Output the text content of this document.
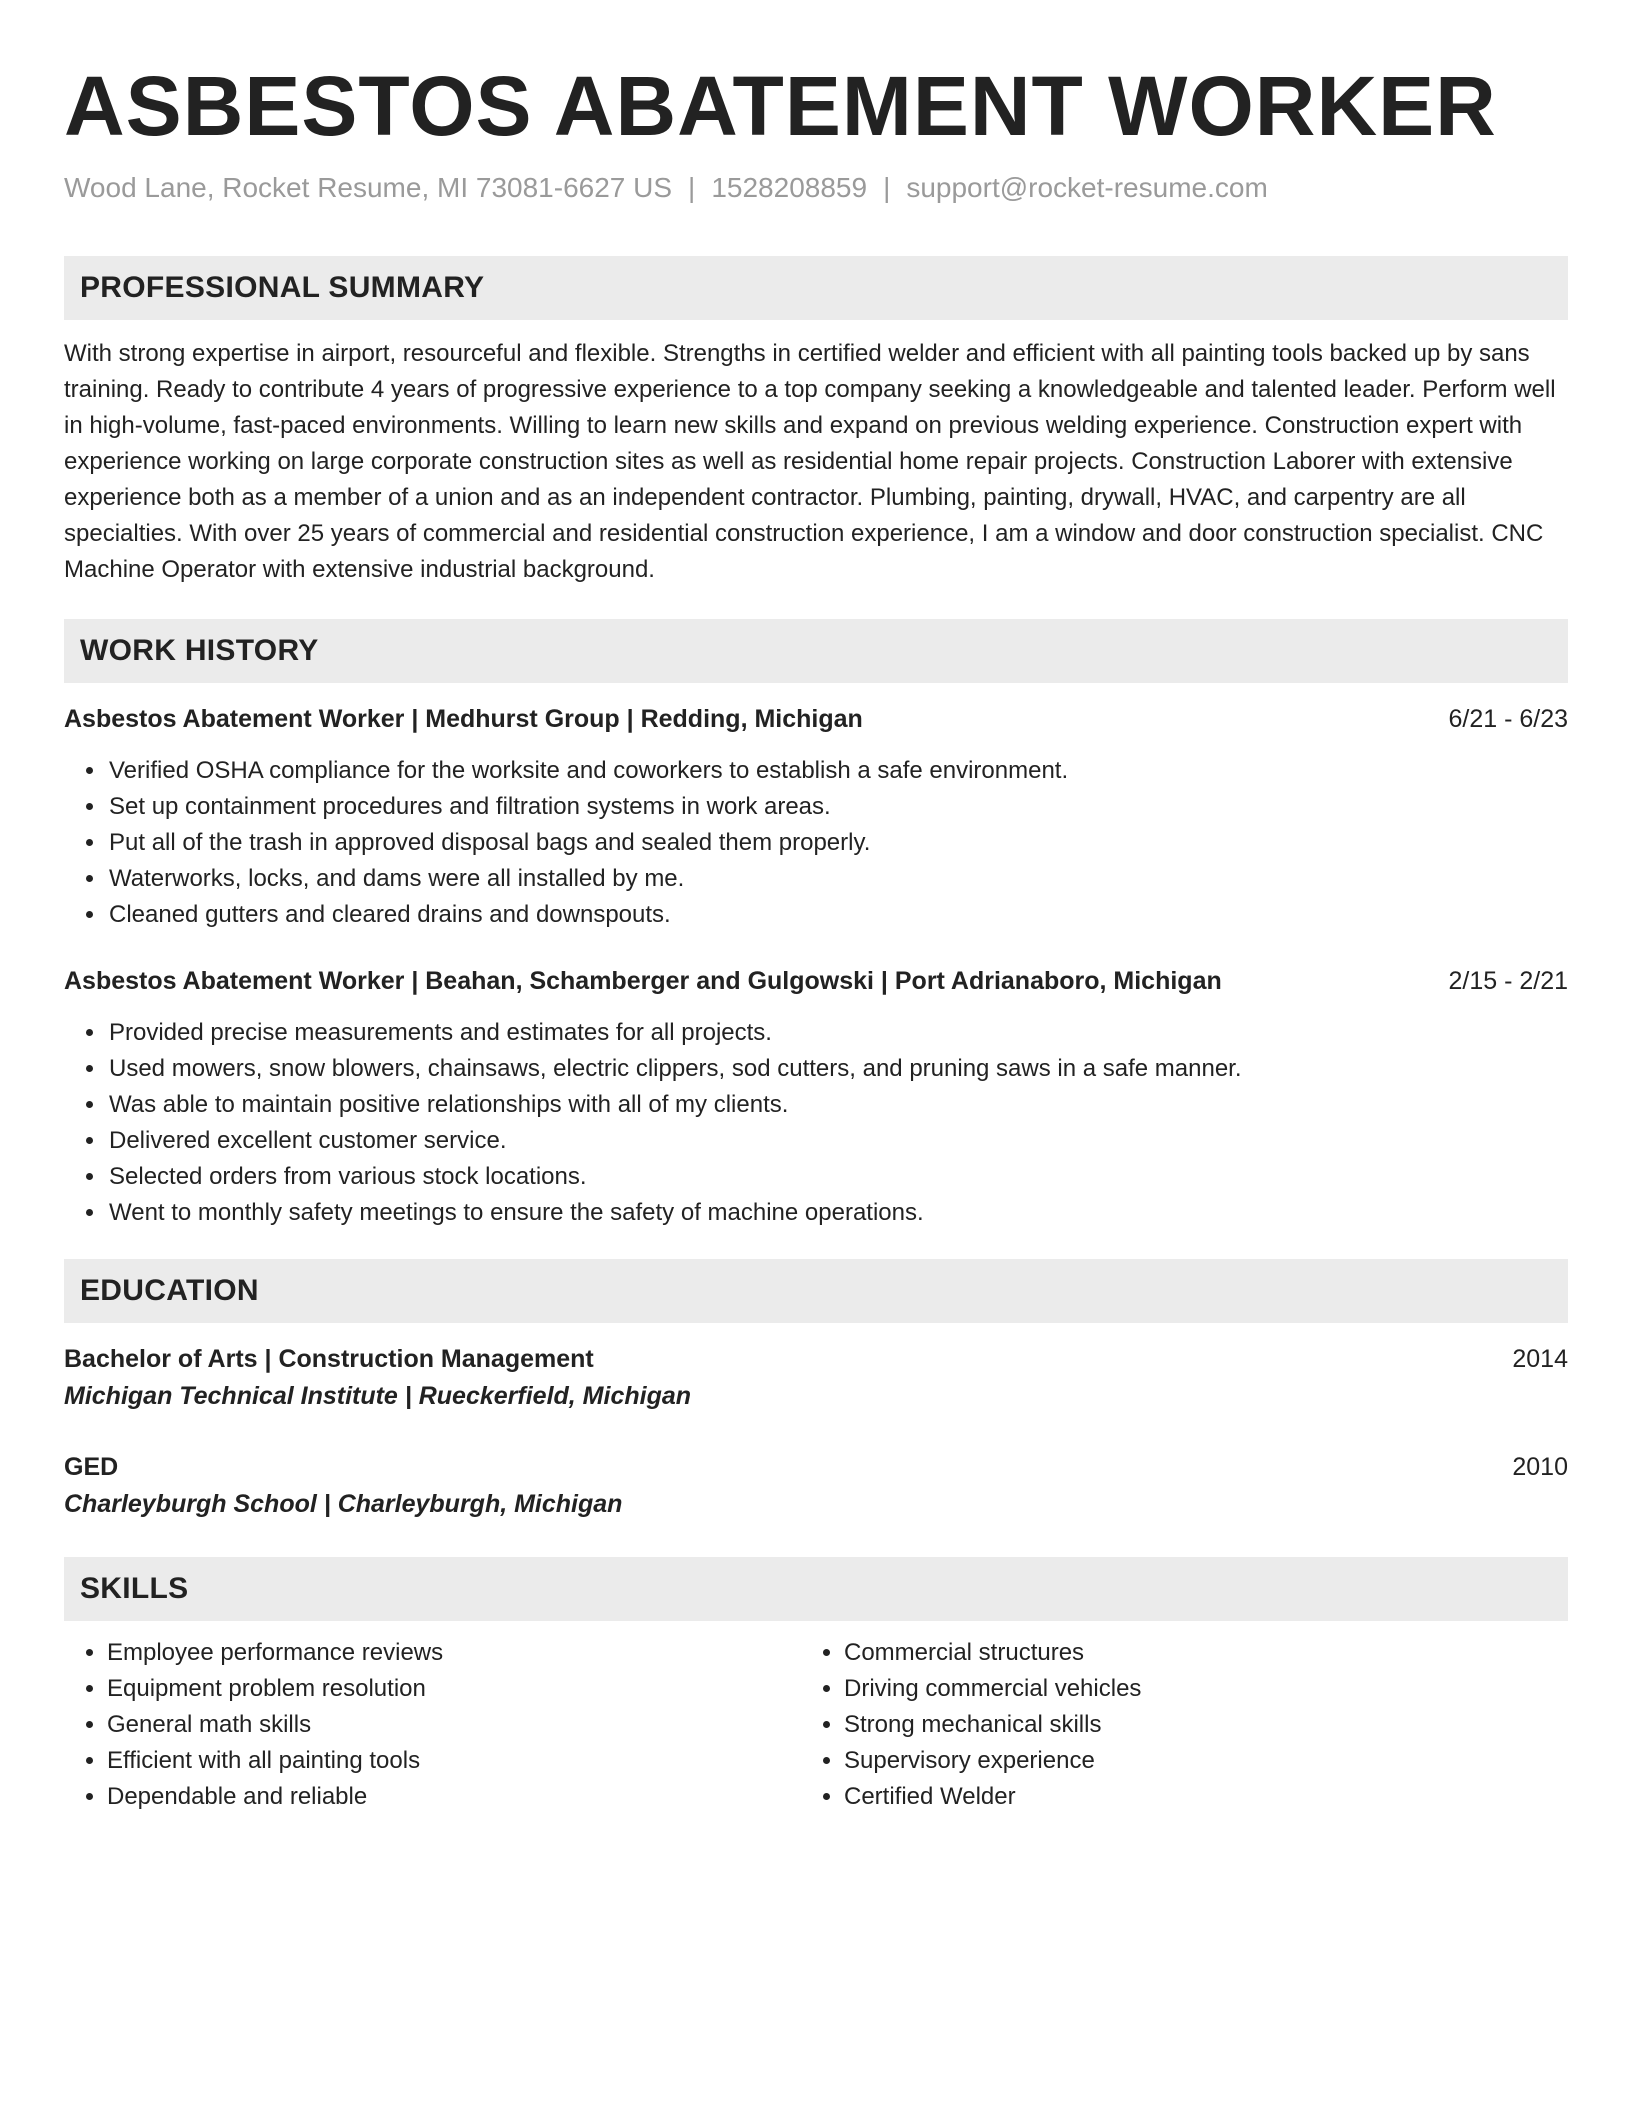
ASBESTOS ABATEMENT WORKER
Wood Lane, Rocket Resume, MI 73081-6627 US | 1528208859 | support@rocket-resume.com
PROFESSIONAL SUMMARY
With strong expertise in airport, resourceful and flexible. Strengths in certified welder and efficient with all painting tools backed up by sans training. Ready to contribute 4 years of progressive experience to a top company seeking a knowledgeable and talented leader. Perform well in high-volume, fast-paced environments. Willing to learn new skills and expand on previous welding experience. Construction expert with experience working on large corporate construction sites as well as residential home repair projects. Construction Laborer with extensive experience both as a member of a union and as an independent contractor. Plumbing, painting, drywall, HVAC, and carpentry are all specialties. With over 25 years of commercial and residential construction experience, I am a window and door construction specialist. CNC Machine Operator with extensive industrial background.
WORK HISTORY
Asbestos Abatement Worker | Medhurst Group | Redding, Michigan	6/21 - 6/23
• Verified OSHA compliance for the worksite and coworkers to establish a safe environment.
• Set up containment procedures and filtration systems in work areas.
• Put all of the trash in approved disposal bags and sealed them properly.
• Waterworks, locks, and dams were all installed by me.
• Cleaned gutters and cleared drains and downspouts.
Asbestos Abatement Worker | Beahan, Schamberger and Gulgowski | Port Adrianaboro, Michigan	2/15 - 2/21
• Provided precise measurements and estimates for all projects.
• Used mowers, snow blowers, chainsaws, electric clippers, sod cutters, and pruning saws in a safe manner.
• Was able to maintain positive relationships with all of my clients.
• Delivered excellent customer service.
• Selected orders from various stock locations.
• Went to monthly safety meetings to ensure the safety of machine operations.
EDUCATION
Bachelor of Arts | Construction Management	2014
Michigan Technical Institute | Rueckerfield, Michigan
GED	2010
Charleyburgh School | Charleyburgh, Michigan
SKILLS
• Employee performance reviews
• Equipment problem resolution
• General math skills
• Efficient with all painting tools
• Dependable and reliable
• Commercial structures
• Driving commercial vehicles
• Strong mechanical skills
• Supervisory experience
• Certified Welder
